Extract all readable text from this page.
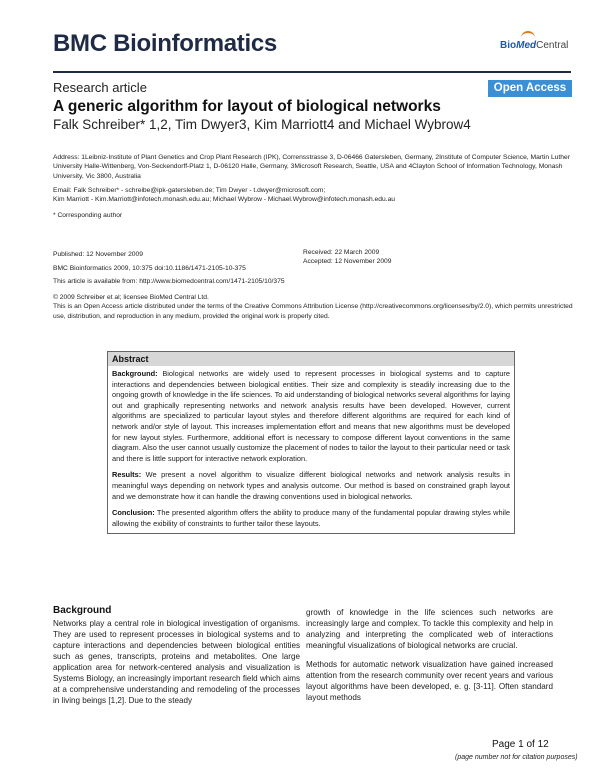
BMC Bioinformatics	BioMedCentral
Research article	Open Access
A generic algorithm for layout of biological networks
Falk Schreiber* 1,2, Tim Dwyer3, Kim Marriott4 and Michael Wybrow4
Address: 1Leibniz-Institute of Plant Genetics and Crop Plant Research (IPK), Corrensstrasse 3, D-06466 Gatersleben, Germany, 2Institute of Computer Science, Martin Luther University Halle-Wittenberg, Von-Seckendorff-Platz 1, D-06120 Halle, Germany, 3Microsoft Research, Seattle, USA and 4Clayton School of Information Technology, Monash University, Vic 3800, Australia
Email: Falk Schreiber* - schreibe@ipk-gatersleben.de; Tim Dwyer - t.dwyer@microsoft.com;
Kim Marriott - Kim.Marriott@infotech.monash.edu.au; Michael Wybrow - Michael.Wybrow@infotech.monash.edu.au
* Corresponding author
Published: 12 November 2009
BMC Bioinformatics 2009, 10:375 doi:10.1186/1471-2105-10-375
Received: 22 March 2009
Accepted: 12 November 2009
This article is available from: http://www.biomedcentral.com/1471-2105/10/375
© 2009 Schreiber et al; licensee BioMed Central Ltd.
This is an Open Access article distributed under the terms of the Creative Commons Attribution License (http://creativecommons.org/licenses/by/2.0), which permits unrestricted use, distribution, and reproduction in any medium, provided the original work is properly cited.
Abstract

Background: Biological networks are widely used to represent processes in biological systems and to capture interactions and dependencies between biological entities. Their size and complexity is steadily increasing due to the ongoing growth of knowledge in the life sciences. To aid understanding of biological networks several algorithms for laying out and graphically representing networks and network analysis results have been developed. However, current algorithms are specialized to particular layout styles and therefore different algorithms are required for each kind of network and/or style of layout. This increases implementation effort and means that new algorithms must be developed for new layout styles. Furthermore, additional effort is necessary to compose different layout conventions in the same diagram. Also the user cannot usually customize the placement of nodes to tailor the layout to their particular need or task and there is little support for interactive network exploration.

Results: We present a novel algorithm to visualize different biological networks and network analysis results in meaningful ways depending on network types and analysis outcome. Our method is based on constrained graph layout and we demonstrate how it can handle the drawing conventions used in biological networks.

Conclusion: The presented algorithm offers the ability to produce many of the fundamental popular drawing styles while allowing the exibility of constraints to further tailor these layouts.

Background

Networks play a central role in biological investigation of organisms. They are used to represent processes in biological systems and to capture interactions and dependencies between biological entities such as genes, transcripts, proteins and metabolites. One large application area for network-centered analysis and visualization is Systems Biology, an increasingly important research field which aims at a comprehensive understanding and remodeling of the processes in living beings [1,2]. Due to the steady

growth of knowledge in the life sciences such networks are increasingly large and complex. To tackle this complexity and help in analyzing and interpreting the complicated web of interactions meaningful visualizations of biological networks are crucial.

Methods for automatic network visualization have gained increased attention from the research community over recent years and various layout algorithms have been developed, e. g. [3-11]. Often standard layout methods

Page 1 of 12
(page number not for citation purposes)
